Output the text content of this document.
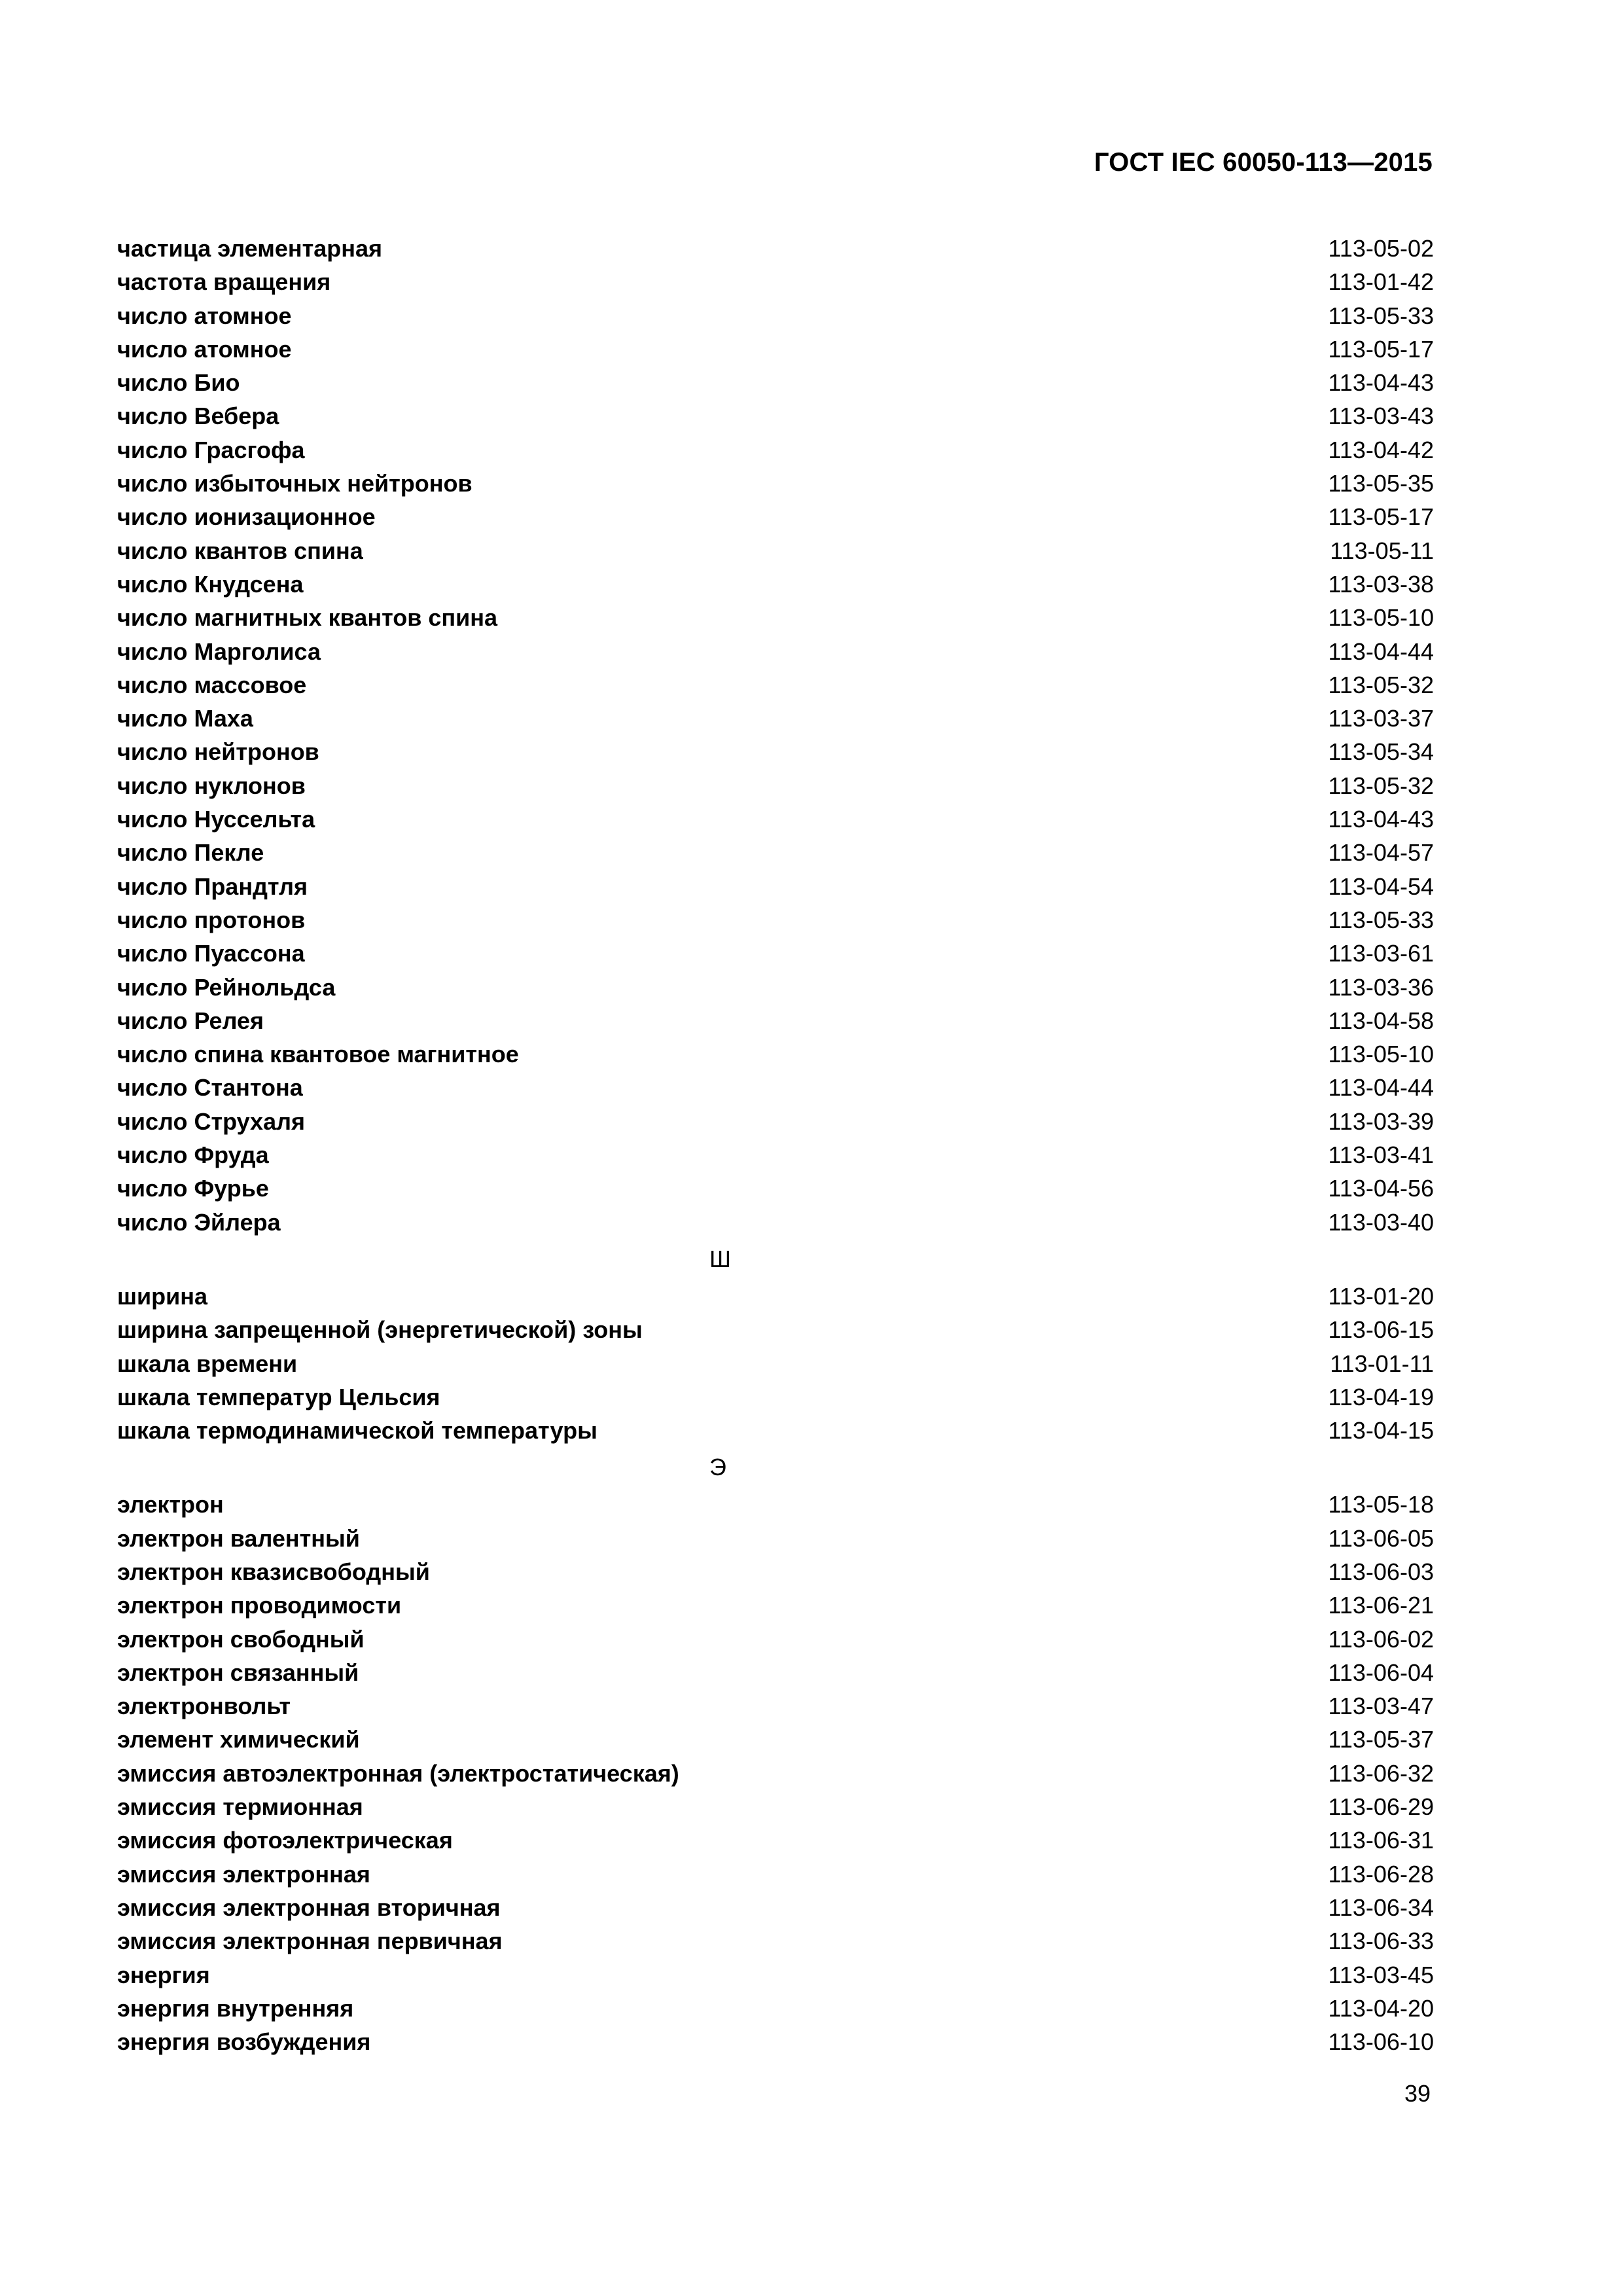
ГОСТ IEC 60050-113—2015
частица элементарная	113-05-02
частота вращения	113-01-42
число атомное	113-05-33
число атомное	113-05-17
число Био	113-04-43
число Вебера	113-03-43
число Грасгофа	113-04-42
число избыточных нейтронов	113-05-35
число ионизационное	113-05-17
число квантов спина	113-05-11
число Кнудсена	113-03-38
число магнитных квантов спина	113-05-10
число Марголиса	113-04-44
число массовое	113-05-32
число Маха	113-03-37
число нейтронов	113-05-34
число нуклонов	113-05-32
число Нуссельта	113-04-43
число Пекле	113-04-57
число Прандтля	113-04-54
число протонов	113-05-33
число Пуассона	113-03-61
число Рейнольдса	113-03-36
число Релея	113-04-58
число спина квантовое магнитное	113-05-10
число Стантона	113-04-44
число Струхаля	113-03-39
число Фруда	113-03-41
число Фурье	113-04-56
число Эйлера	113-03-40
Ш
ширина	113-01-20
ширина запрещенной (энергетической) зоны	113-06-15
шкала времени	113-01-11
шкала температур Цельсия	113-04-19
шкала термодинамической температуры	113-04-15
Э
электрон	113-05-18
электрон валентный	113-06-05
электрон квазисвободный	113-06-03
электрон проводимости	113-06-21
электрон свободный	113-06-02
электрон связанный	113-06-04
электронвольт	113-03-47
элемент химический	113-05-37
эмиссия автоэлектронная (электростатическая)	113-06-32
эмиссия термионная	113-06-29
эмиссия фотоэлектрическая	113-06-31
эмиссия электронная	113-06-28
эмиссия электронная вторичная	113-06-34
эмиссия электронная первичная	113-06-33
энергия	113-03-45
энергия внутренняя	113-04-20
энергия возбуждения	113-06-10
39
